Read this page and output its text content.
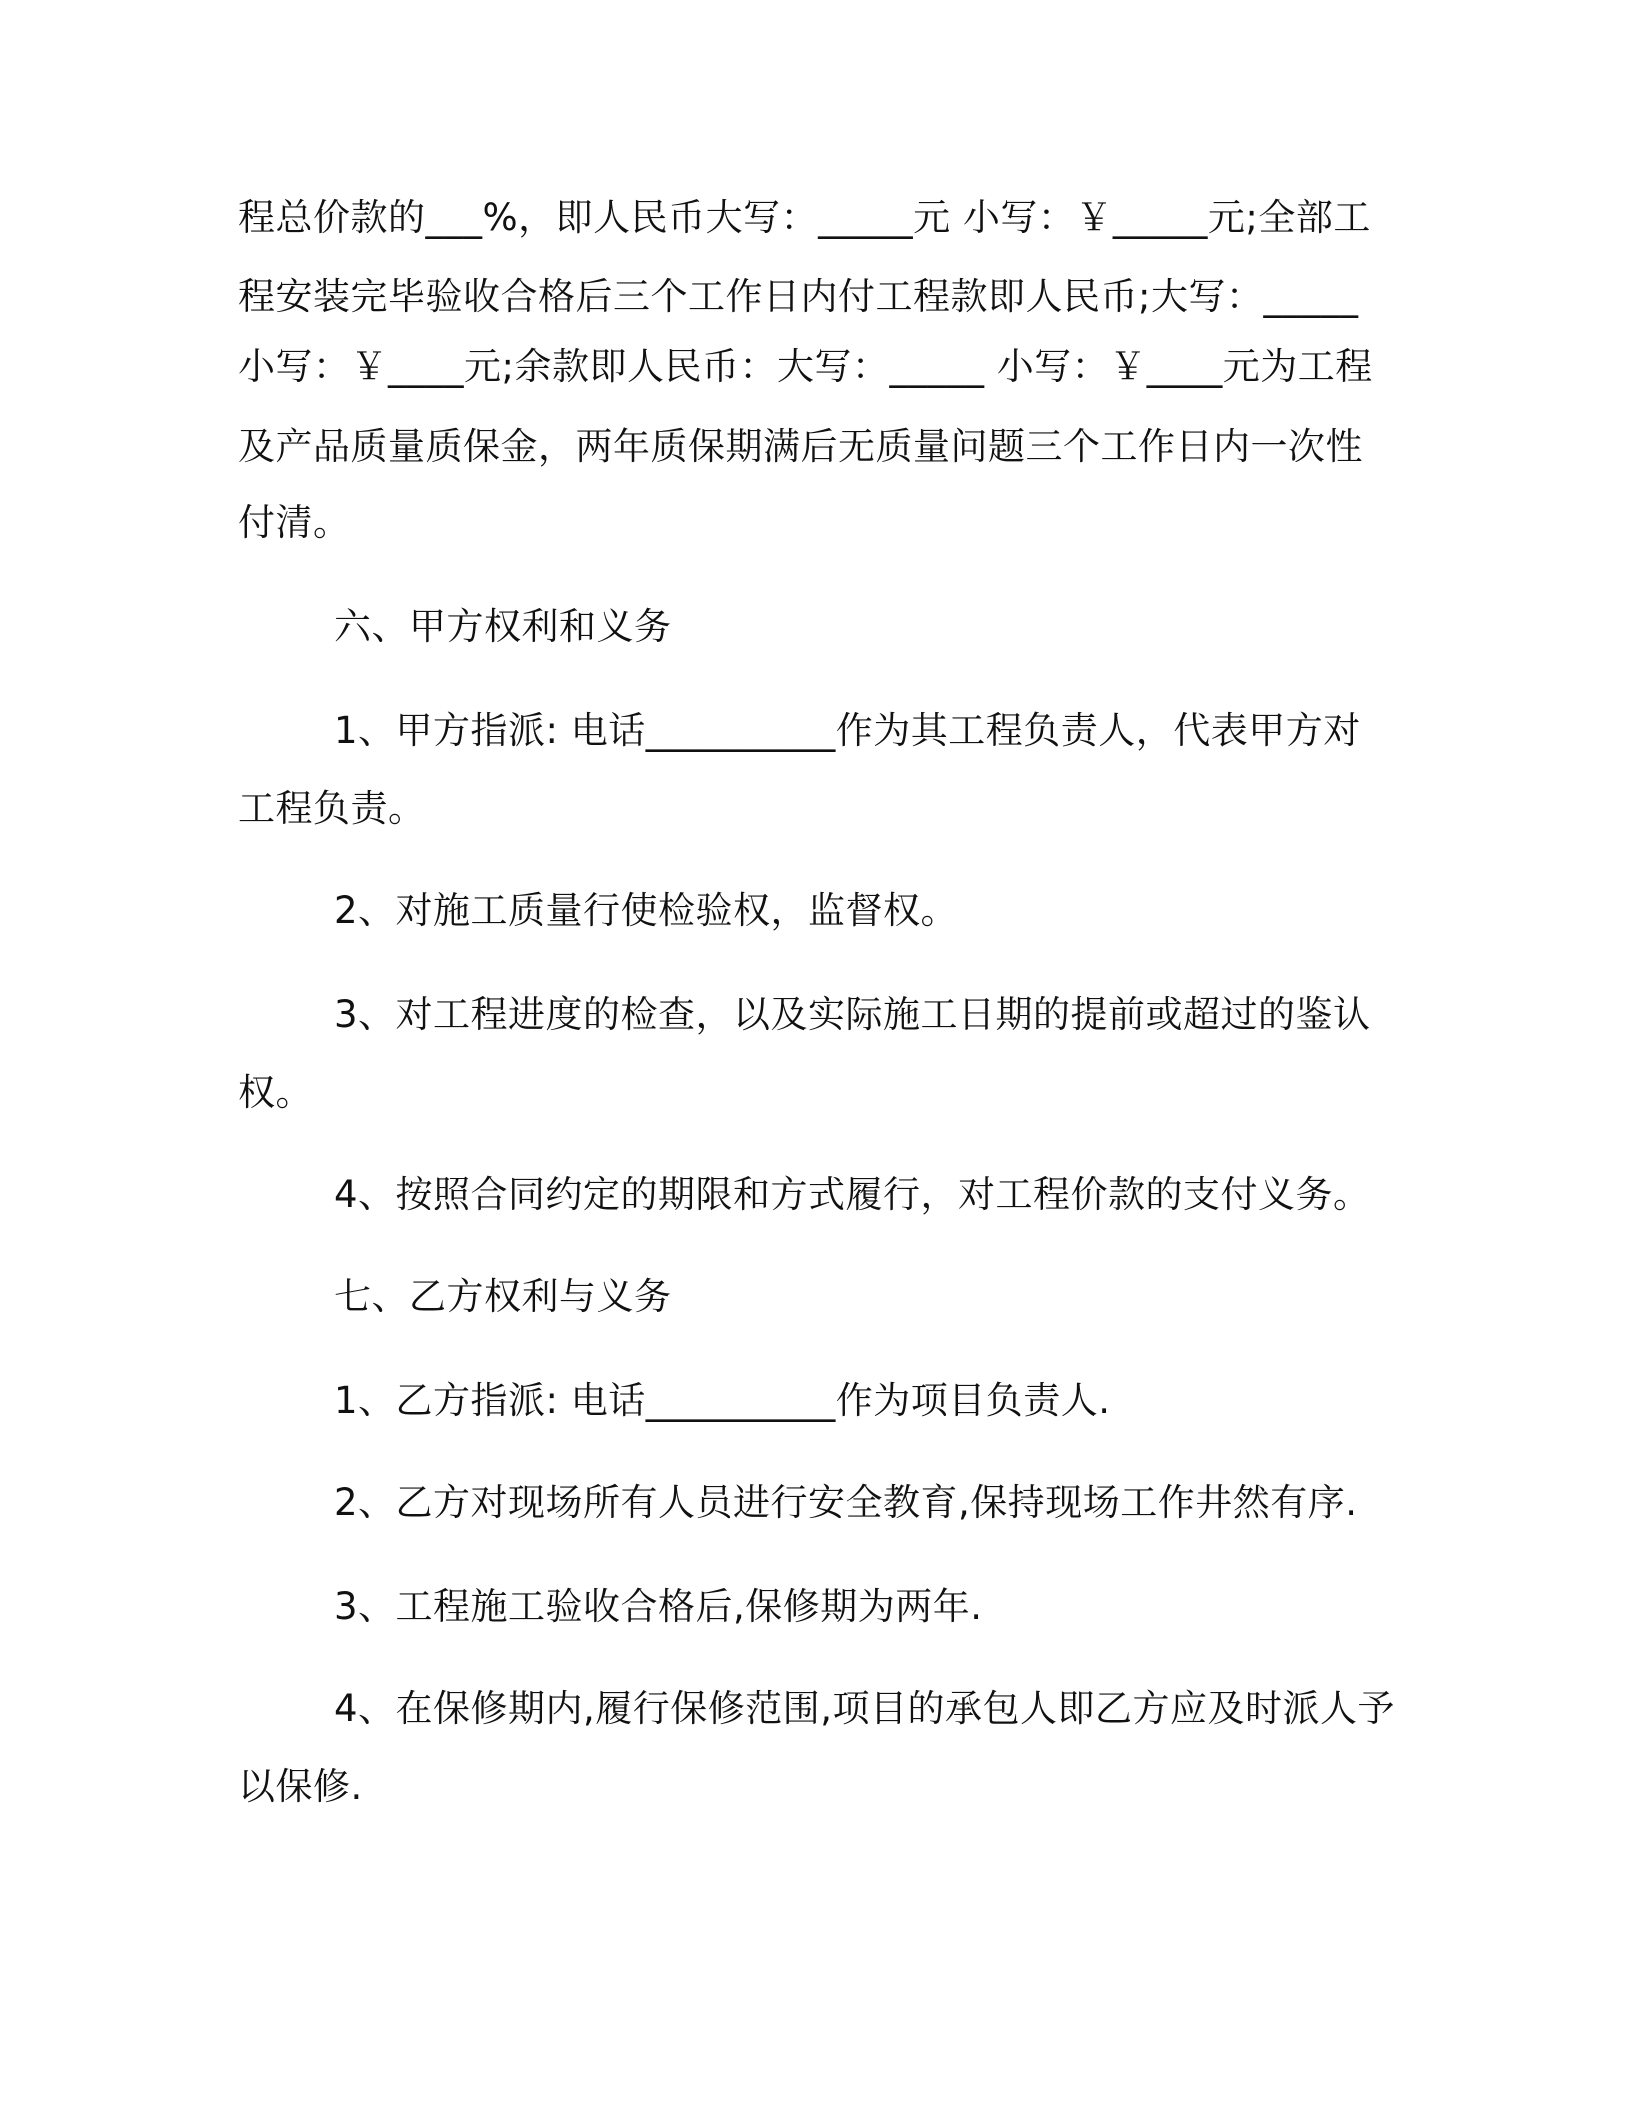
程总价款的___%，即人民币大写：_____元 小写：￥_____元;全部工
程安装完毕验收合格后三个工作日内付工程款即人民币;大写：_____
小写：￥____元;余款即人民币：大写：_____ 小写：￥____元为工程
及产品质量质保金，两年质保期满后无质量问题三个工作日内一次性
付清。
六、甲方权利和义务
1、甲方指派: 电话__________作为其工程负责人，代表甲方对
工程负责。
2、对施工质量行使检验权，监督权。
3、对工程进度的检查，以及实际施工日期的提前或超过的鉴认
权。
4、按照合同约定的期限和方式履行，对工程价款的支付义务。
七、乙方权利与义务
1、乙方指派: 电话__________作为项目负责人.
2、乙方对现场所有人员进行安全教育,保持现场工作井然有序.
3、工程施工验收合格后,保修期为两年.
4、在保修期内,履行保修范围,项目的承包人即乙方应及时派人予
以保修.
